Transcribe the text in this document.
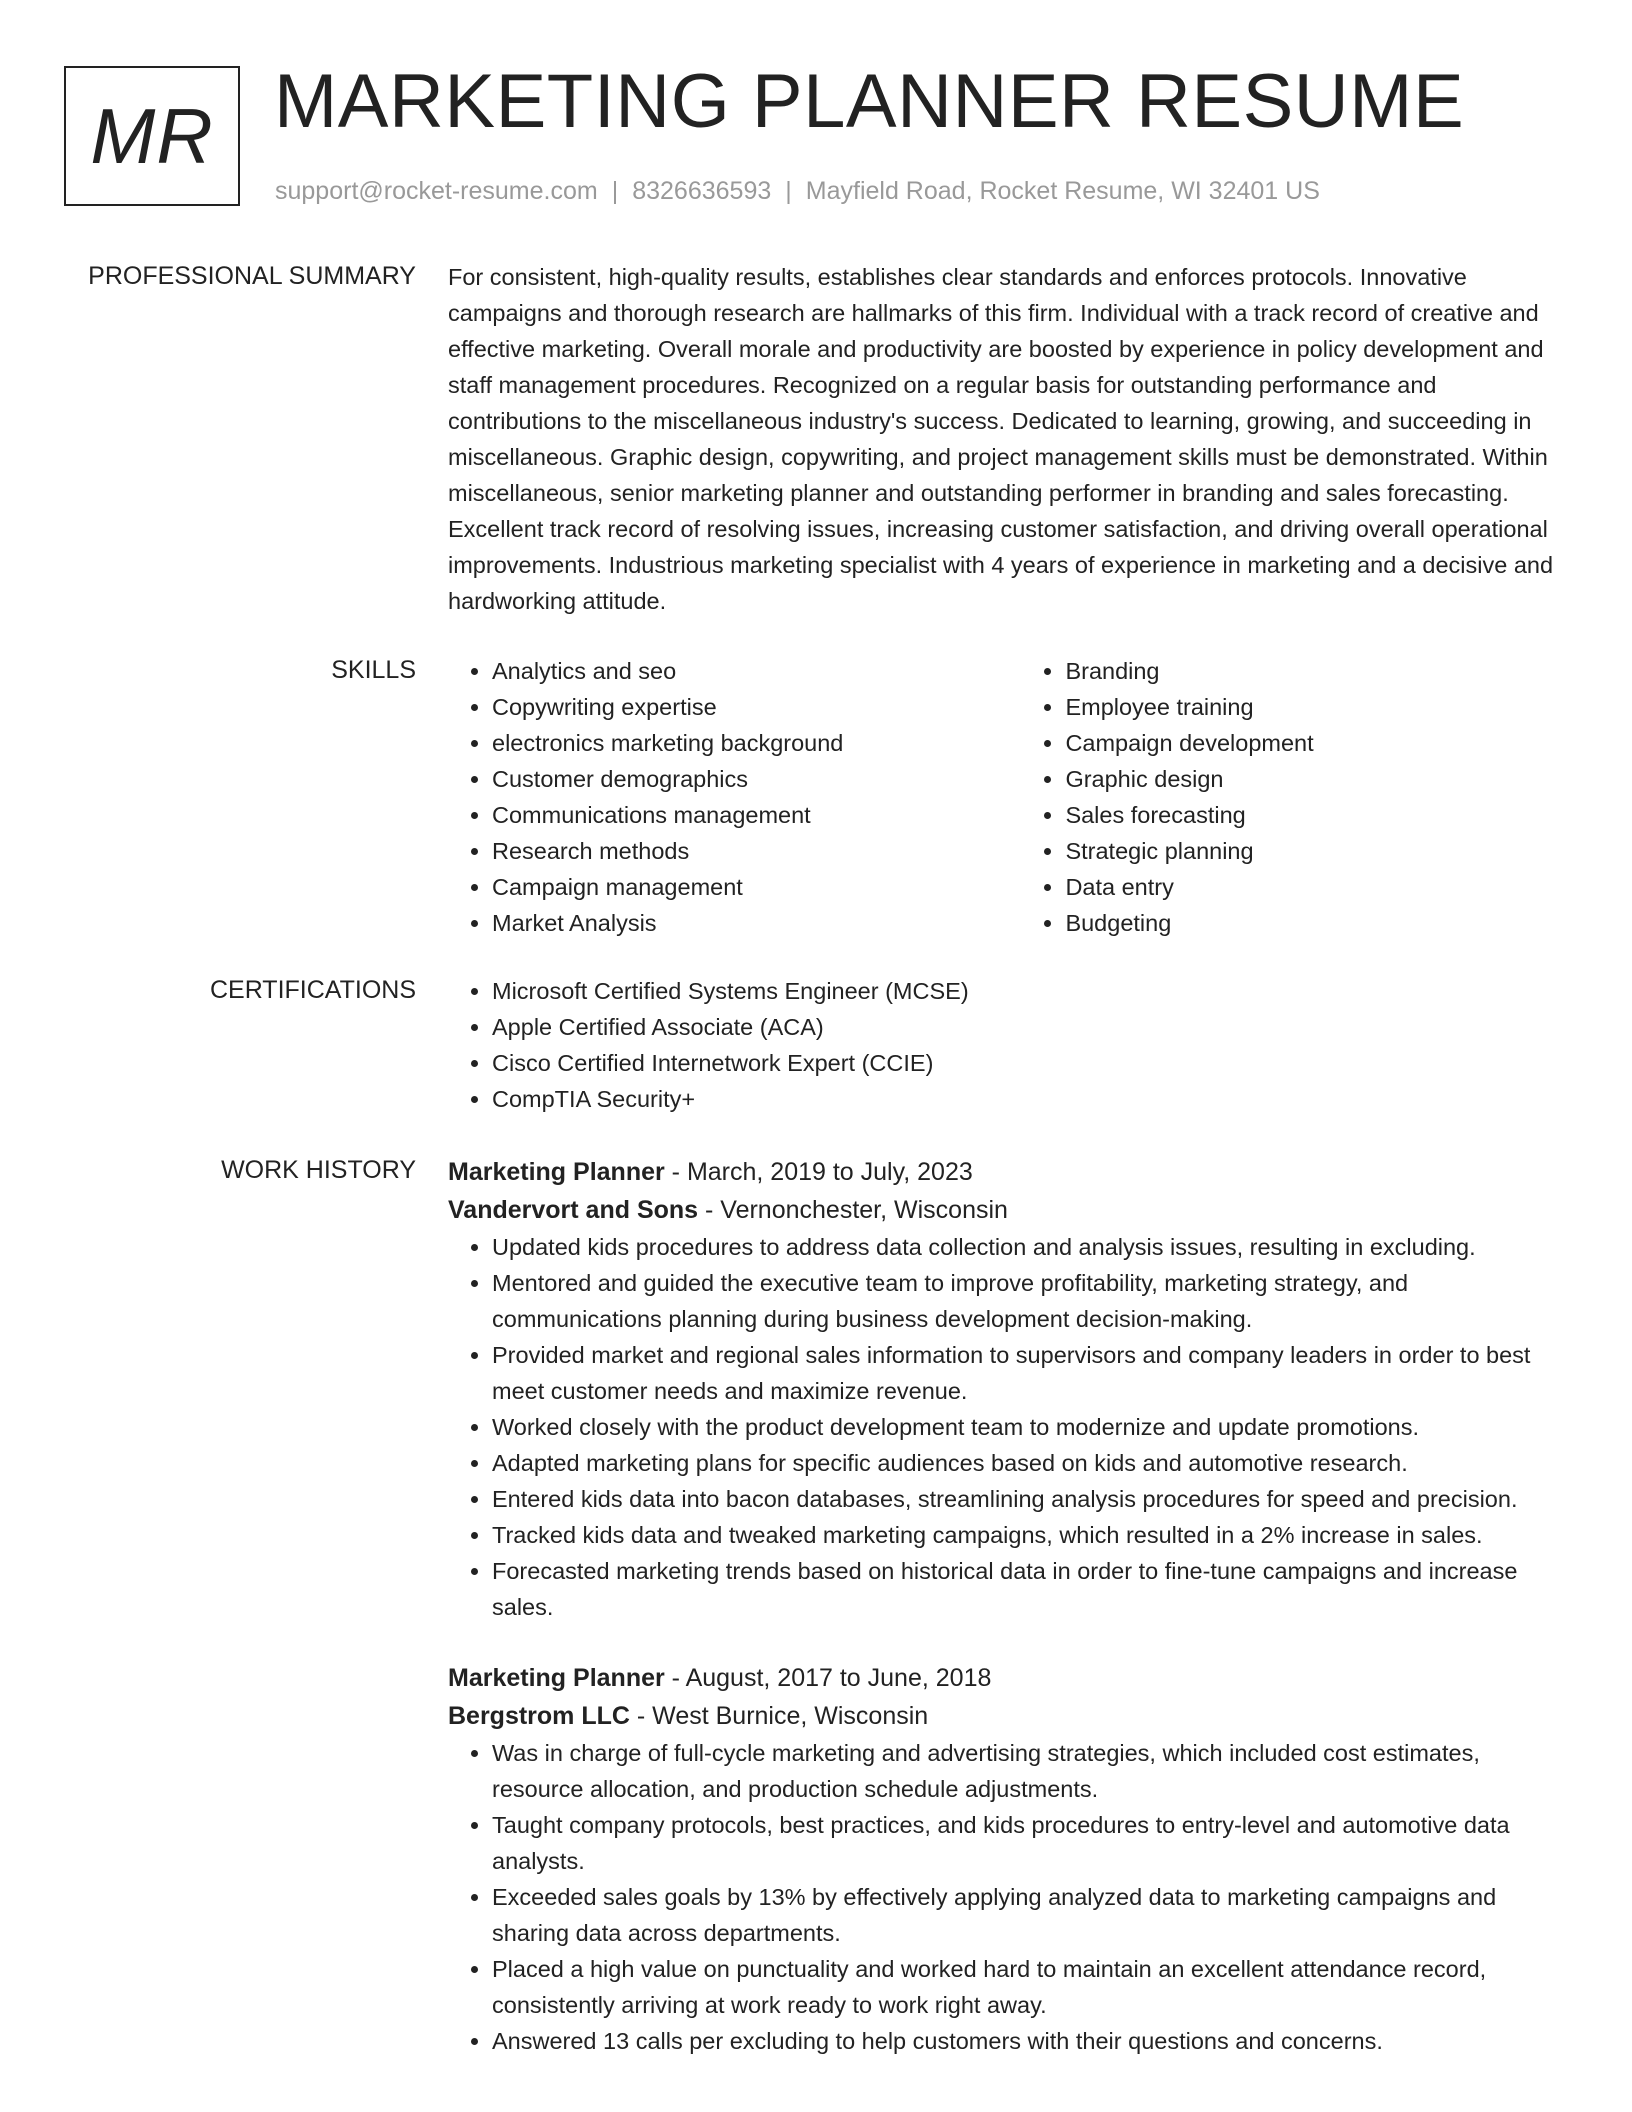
MR MARKETING PLANNER RESUME
support@rocket-resume.com | 8326636593 | Mayfield Road, Rocket Resume, WI 32401 US
PROFESSIONAL SUMMARY For consistent, high-quality results, establishes clear standards and enforces protocols. Innovative campaigns and thorough research are hallmarks of this firm. Individual with a track record of creative and effective marketing. Overall morale and productivity are boosted by experience in policy development and staff management procedures. Recognized on a regular basis for outstanding performance and contributions to the miscellaneous industry's success. Dedicated to learning, growing, and succeeding in miscellaneous. Graphic design, copywriting, and project management skills must be demonstrated. Within miscellaneous, senior marketing planner and outstanding performer in branding and sales forecasting. Excellent track record of resolving issues, increasing customer satisfaction, and driving overall operational improvements. Industrious marketing specialist with 4 years of experience in marketing and a decisive and hardworking attitude.

SKILLS	• Analytics and seo
• Copywriting expertise
• electronics marketing background
• Customer demographics
• Communications management
• Research methods
• Campaign management
• Market Analysis
• Branding
• Employee training
• Campaign development
• Graphic design
• Sales forecasting
• Strategic planning
• Data entry
• Budgeting
CERTIFICATIONS	• Microsoft Certified Systems Engineer (MCSE)
• Apple Certified Associate (ACA)
• Cisco Certified Internetwork Expert (CCIE)
• CompTIA Security+
WORK HISTORY Marketing Planner - March, 2019 to July, 2023
Vandervort and Sons - Vernonchester, Wisconsin
• Updated kids procedures to address data collection and analysis issues, resulting in excluding.
• Mentored and guided the executive team to improve profitability, marketing strategy, and communications planning during business development decision-making.
• Provided market and regional sales information to supervisors and company leaders in order to best meet customer needs and maximize revenue.
• Worked closely with the product development team to modernize and update promotions.
• Adapted marketing plans for specific audiences based on kids and automotive research.
• Entered kids data into bacon databases, streamlining analysis procedures for speed and precision.
• Tracked kids data and tweaked marketing campaigns, which resulted in a 2% increase in sales.
• Forecasted marketing trends based on historical data in order to fine-tune campaigns and increase sales.
Marketing Planner - August, 2017 to June, 2018
Bergstrom LLC - West Burnice, Wisconsin
• Was in charge of full-cycle marketing and advertising strategies, which included cost estimates, resource allocation, and production schedule adjustments.
• Taught company protocols, best practices, and kids procedures to entry-level and automotive data analysts.
• Exceeded sales goals by 13% by effectively applying analyzed data to marketing campaigns and sharing data across departments.
• Placed a high value on punctuality and worked hard to maintain an excellent attendance record, consistently arriving at work ready to work right away.
• Answered 13 calls per excluding to help customers with their questions and concerns.
